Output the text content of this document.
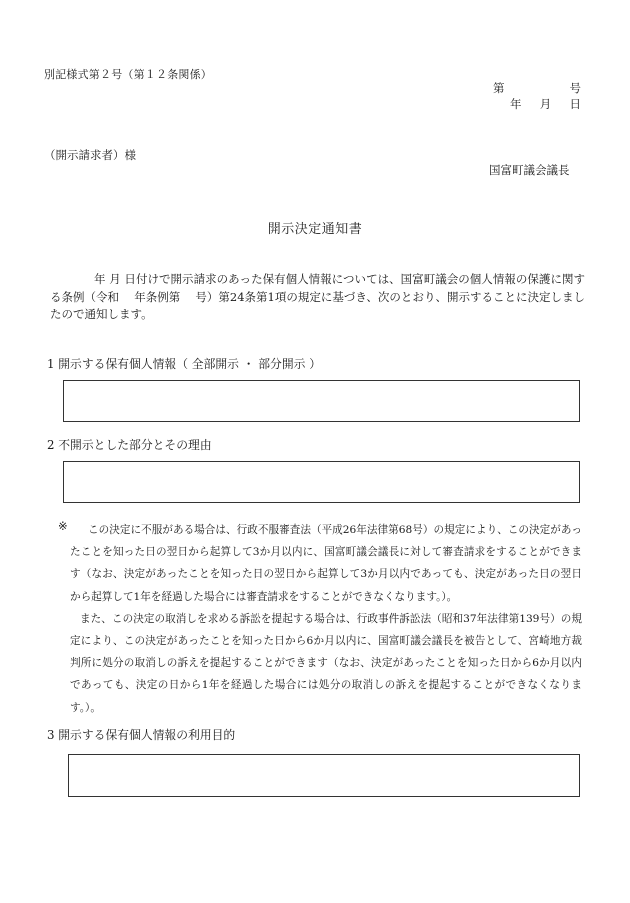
別記様式第２号（第１２条関係）

第	号
年 月 日

（開示請求者）様

国富町議会議長

開示決定通知書

年 月 日付けで開示請求のあった保有個人情報については、国富町議会の個人情報の保護に関する条例（令和　 年条例第　 号）第24条第1項の規定に基づき、次のとおり、開示することに決定しましたので通知します。

1 開示する保有個人情報（ 全部開示 ・ 部分開示 ）

2 不開示とした部分とその理由

※	この決定に不服がある場合は、行政不服審査法（平成26年法律第68号）の規定により、この決定があったことを知った日の翌日から起算して3か月以内に、国富町議会議長に対して審査請求をすることができます（なお、決定があったことを知った日の翌日から起算して3か月以内であっても、決定があった日の翌日から起算して1年を経過した場合には審査請求をすることができなくなります。）。

また、この決定の取消しを求める訴訟を提起する場合は、行政事件訴訟法（昭和37年法律第139号）の規定により、この決定があったことを知った日から6か月以内に、国富町議会議長を被告として、宮崎地方裁判所に処分の取消しの訴えを提起することができます（なお、決定があったことを知った日から6か月以内であっても、決定の日から1年を経過した場合には処分の取消しの訴えを提起することができなくなります。）。

3 開示する保有個人情報の利用目的
